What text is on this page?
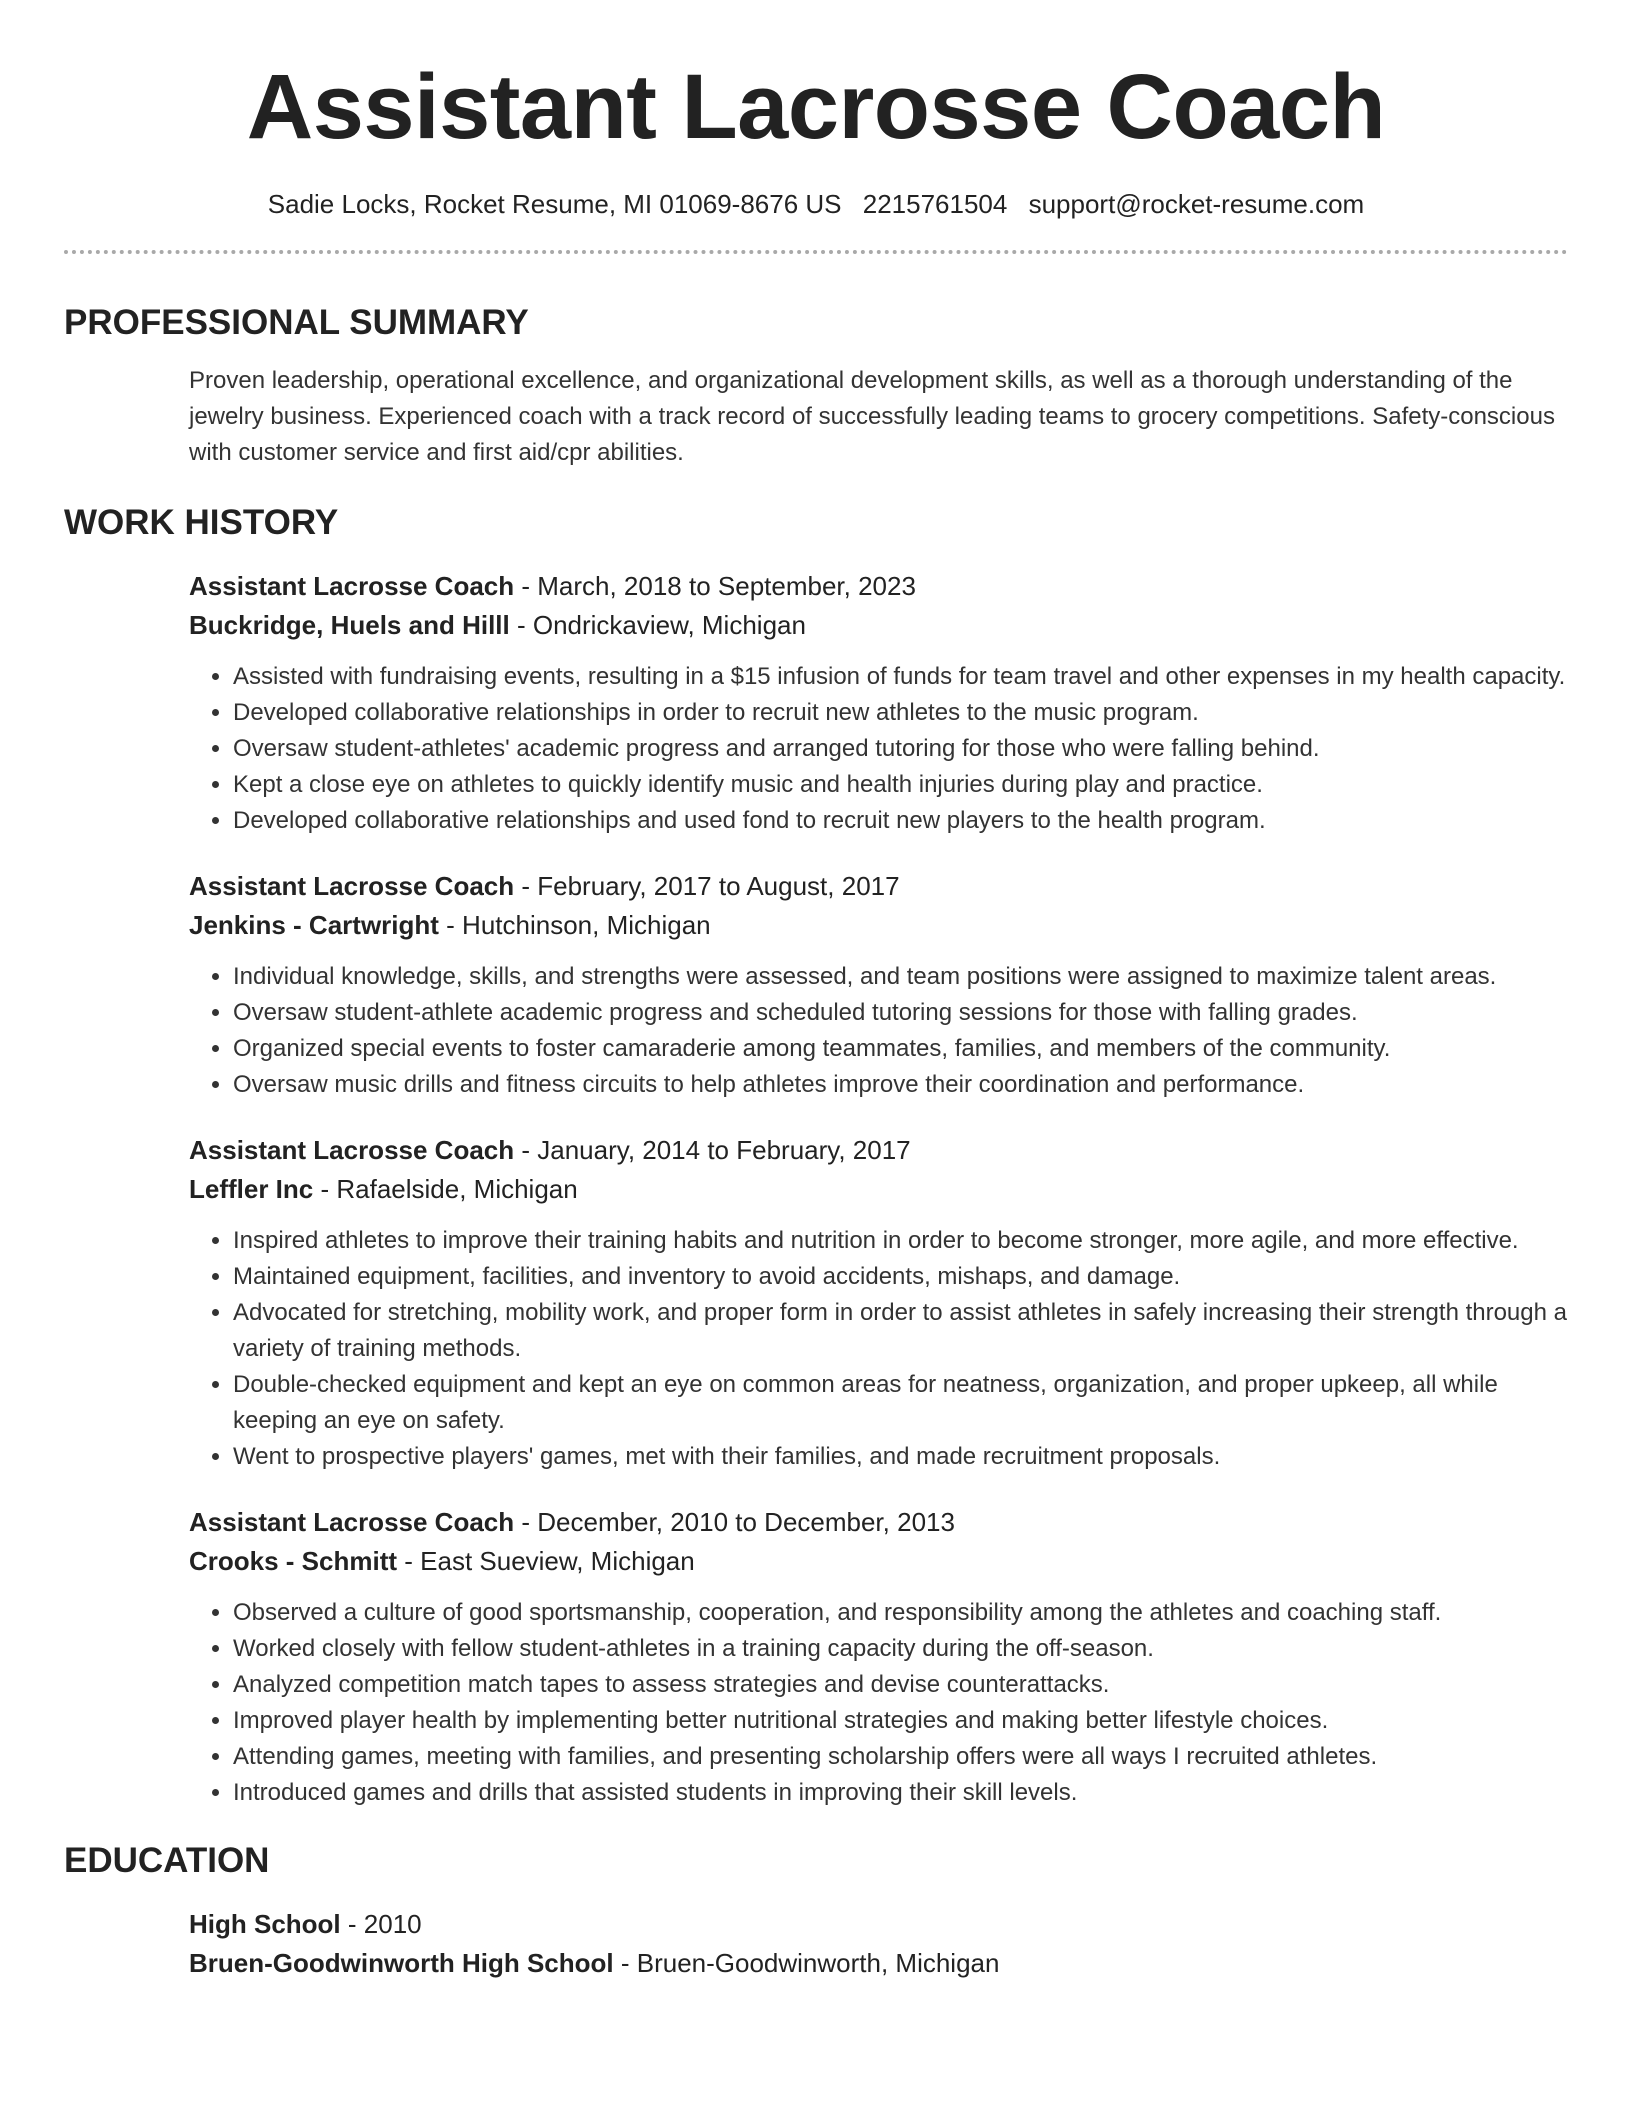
Assistant Lacrosse Coach
Sadie Locks, Rocket Resume, MI 01069-8676 US 2215761504 support@rocket-resume.com
PROFESSIONAL SUMMARY

Proven leadership, operational excellence, and organizational development skills, as well as a thorough understanding of the jewelry business. Experienced coach with a track record of successfully leading teams to grocery competitions. Safety-conscious with customer service and first aid/cpr abilities.

WORK HISTORY
Assistant Lacrosse Coach - March, 2018 to September, 2023
Buckridge, Huels and Hilll - Ondrickaview, Michigan
• Assisted with fundraising events, resulting in a $15 infusion of funds for team travel and other expenses in my health capacity.
• Developed collaborative relationships in order to recruit new athletes to the music program.
• Oversaw student-athletes' academic progress and arranged tutoring for those who were falling behind.
• Kept a close eye on athletes to quickly identify music and health injuries during play and practice.
• Developed collaborative relationships and used fond to recruit new players to the health program.
Assistant Lacrosse Coach - February, 2017 to August, 2017
Jenkins - Cartwright - Hutchinson, Michigan
• Individual knowledge, skills, and strengths were assessed, and team positions were assigned to maximize talent areas.
• Oversaw student-athlete academic progress and scheduled tutoring sessions for those with falling grades.
• Organized special events to foster camaraderie among teammates, families, and members of the community.
• Oversaw music drills and fitness circuits to help athletes improve their coordination and performance.
Assistant Lacrosse Coach - January, 2014 to February, 2017
Leffler Inc - Rafaelside, Michigan
• Inspired athletes to improve their training habits and nutrition in order to become stronger, more agile, and more effective.
• Maintained equipment, facilities, and inventory to avoid accidents, mishaps, and damage.
• Advocated for stretching, mobility work, and proper form in order to assist athletes in safely increasing their strength through a variety of training methods.
• Double-checked equipment and kept an eye on common areas for neatness, organization, and proper upkeep, all while keeping an eye on safety.
• Went to prospective players' games, met with their families, and made recruitment proposals.
Assistant Lacrosse Coach - December, 2010 to December, 2013
Crooks - Schmitt - East Sueview, Michigan
• Observed a culture of good sportsmanship, cooperation, and responsibility among the athletes and coaching staff.
• Worked closely with fellow student-athletes in a training capacity during the off-season.
• Analyzed competition match tapes to assess strategies and devise counterattacks.
• Improved player health by implementing better nutritional strategies and making better lifestyle choices.
• Attending games, meeting with families, and presenting scholarship offers were all ways I recruited athletes.
• Introduced games and drills that assisted students in improving their skill levels.
EDUCATION
High School - 2010
Bruen-Goodwinworth High School - Bruen-Goodwinworth, Michigan
